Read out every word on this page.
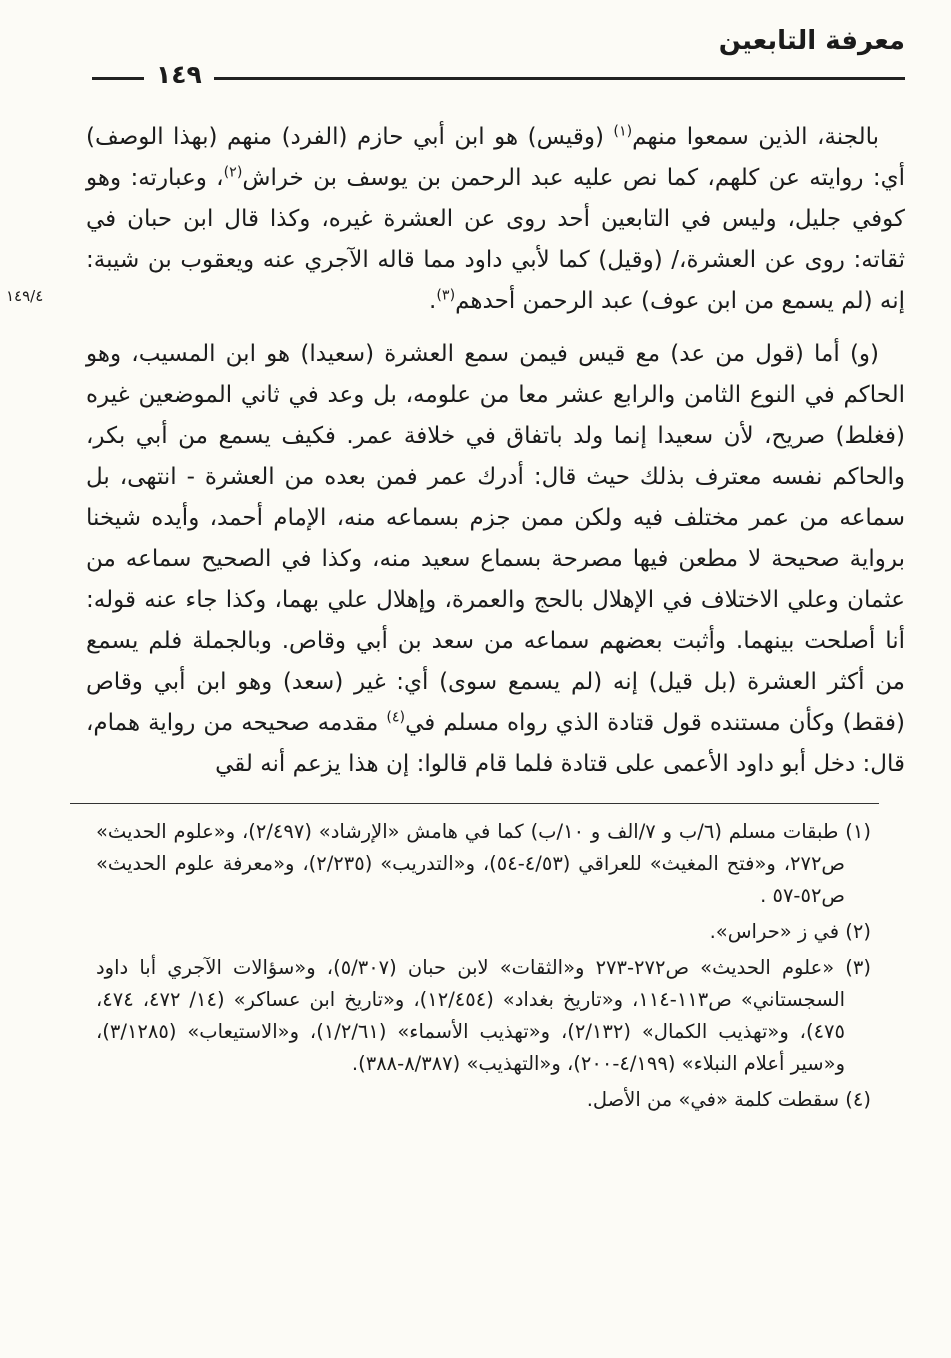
معرفة التابعين
١٤٩

بالجنة، الذين سمعوا منهم$^{(١)}$ (وقيس) هو ابن أبي حازم (الفرد) منهم (بهذا الوصف) أي: روايته عن كلهم، كما نص عليه عبد الرحمن بن يوسف بن خراش$^{(٢)}$، وعبارته: وهو كوفي جليل، وليس في التابعين أحد روى عن العشرة غيره، وكذا قال ابن حبان في ثقاته: روى عن العشرة،/ (وقيل) كما لأبي داود مما قاله الآجري عنه ويعقوب بن شيبة: إنه (لم يسمع من ابن عوف) عبد الرحمن أحدهم$^{(٣)}$.

(و) أما (قول من عد) مع قيس فيمن سمع العشرة (سعيدا) هو ابن المسيب، وهو الحاكم في النوع الثامن والرابع عشر معا من علومه، بل وعد في ثاني الموضعين غيره (فغلط) صريح، لأن سعيدا إنما ولد باتفاق في خلافة عمر. فكيف يسمع من أبي بكر، والحاكم نفسه معترف بذلك حيث قال: أدرك عمر فمن بعده من العشرة - انتهى، بل سماعه من عمر مختلف فيه ولكن ممن جزم بسماعه منه، الإمام أحمد، وأيده شيخنا برواية صحيحة لا مطعن فيها مصرحة بسماع سعيد منه، وكذا في الصحيح سماعه من عثمان وعلي الاختلاف في الإهلال بالحج والعمرة، وإهلال علي بهما، وكذا جاء عنه قوله: أنا أصلحت بينهما. وأثبت بعضهم سماعه من سعد بن أبي وقاص. وبالجملة فلم يسمع من أكثر العشرة (بل قيل) إنه (لم يسمع سوى) أي: غير (سعد) وهو ابن أبي وقاص (فقط) وكأن مستنده قول قتادة الذي رواه مسلم في$^{(٤)}$ مقدمه صحيحه من رواية همام، قال: دخل أبو داود الأعمى على قتادة فلما قام قالوا: إن هذا يزعم أنه لقي

١٤٩/٤
(١) طبقات مسلم (٦/ب و ٧/الف و ١٠/ب) كما في هامش «الإرشاد» (٢/٤٩٧)، و«علوم الحديث» ص٢٧٢، و«فتح المغيث» للعراقي (٤/٥٣-٥٤)، و«التدريب» (٢/٢٣٥)، و«معرفة علوم الحديث» ص٥٢-٥٧ .
(٢) في ز «حراس».
(٣) «علوم الحديث» ص٢٧٢-٢٧٣ و«الثقات» لابن حبان (٥/٣٠٧)، و«سؤالات الآجري أبا داود السجستاني» ص١١٣-١١٤، و«تاريخ بغداد» (١٢/٤٥٤)، و«تاريخ ابن عساكر» (١٤/ ٤٧٢، ٤٧٤، ٤٧٥)، و«تهذيب الكمال» (٢/١٣٢)، و«تهذيب الأسماء» (١/٢/٦١)، و«الاستيعاب» (٣/١٢٨٥)، و«سير أعلام النبلاء» (٤/١٩٩-٢٠٠)، و«التهذيب» (٨/٣٨٧-٣٨٨).
(٤) سقطت كلمة «في» من الأصل.
